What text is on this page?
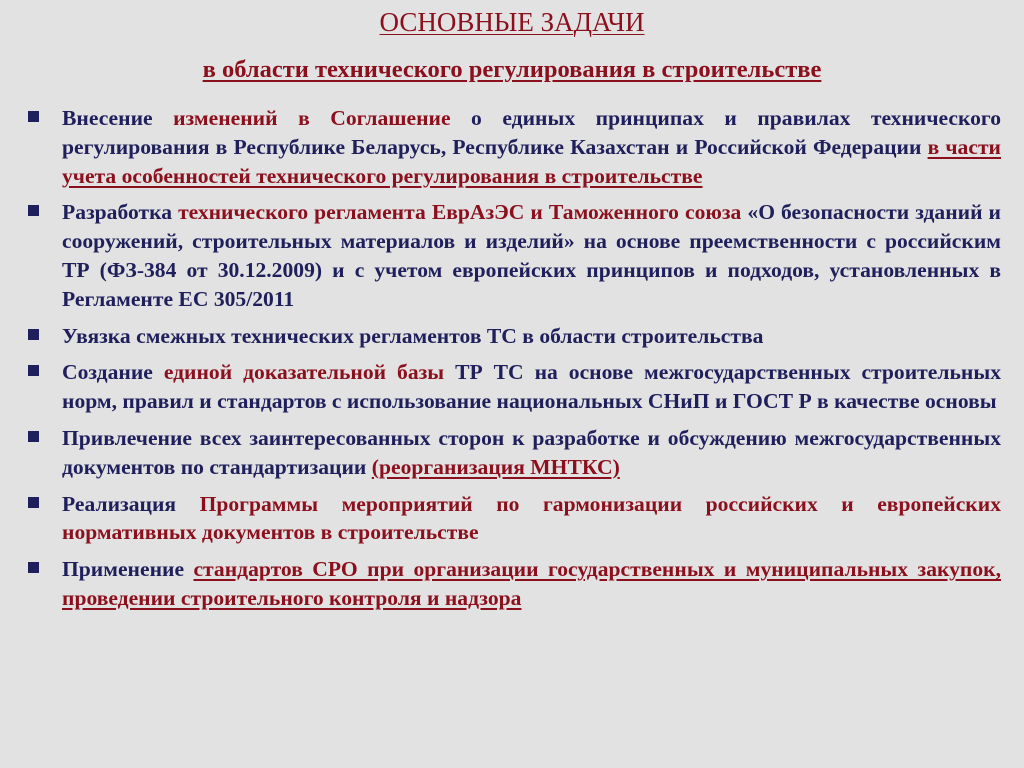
ОСНОВНЫЕ ЗАДАЧИ
в области технического регулирования в строительстве
Внесение изменений в Соглашение о единых принципах и правилах технического регулирования в Республике Беларусь, Республике Казахстан и Российской Федерации в части учета особенностей технического регулирования в строительстве
Разработка технического регламента ЕврАзЭС и Таможенного союза «О безопасности зданий и сооружений, строительных материалов и изделий» на основе преемственности с российским ТР (ФЗ-384 от 30.12.2009) и с учетом европейских принципов и подходов, установленных в Регламенте ЕС 305/2011
Увязка смежных технических регламентов ТС в области строительства
Создание единой доказательной базы ТР ТС на основе межгосударственных строительных норм, правил и стандартов с использование национальных СНиП и ГОСТ Р в качестве основы
Привлечение всех заинтересованных сторон к разработке и обсуждению межгосударственных документов по стандартизации (реорганизация МНТКС)
Реализация Программы мероприятий по гармонизации российских и европейских нормативных документов в строительстве
Применение стандартов СРО при организации государственных и муниципальных закупок, проведении строительного контроля и надзора
